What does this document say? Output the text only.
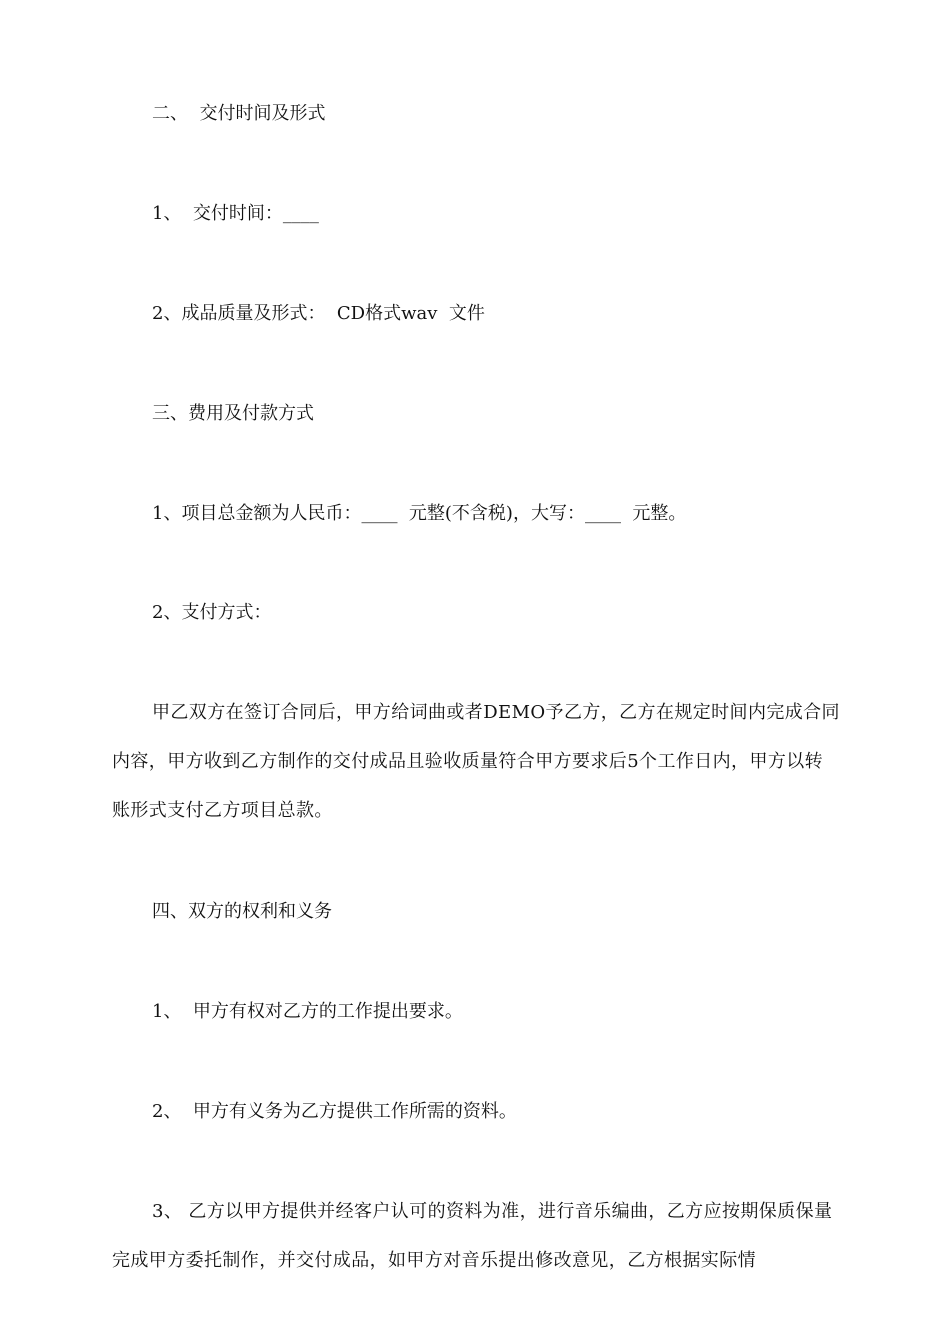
二、  交付时间及形式

1、  交付时间：____

2、成品质量及形式：  CD格式wav  文件

三、费用及付款方式

1、项目总金额为人民币：____  元整(不含税)，大写：____  元整。

2、支付方式：

甲乙双方在签订合同后，甲方给词曲或者DEMO予乙方，乙方在规定时间内完成合同内容，甲方收到乙方制作的交付成品且验收质量符合甲方要求后5个工作日内，甲方以转账形式支付乙方项目总款。

四、双方的权利和义务

1、  甲方有权对乙方的工作提出要求。

2、  甲方有义务为乙方提供工作所需的资料。

3、 乙方以甲方提供并经客户认可的资料为准，进行音乐编曲，乙方应按期保质保量完成甲方委托制作，并交付成品，如甲方对音乐提出修改意见，乙方根据实际情
